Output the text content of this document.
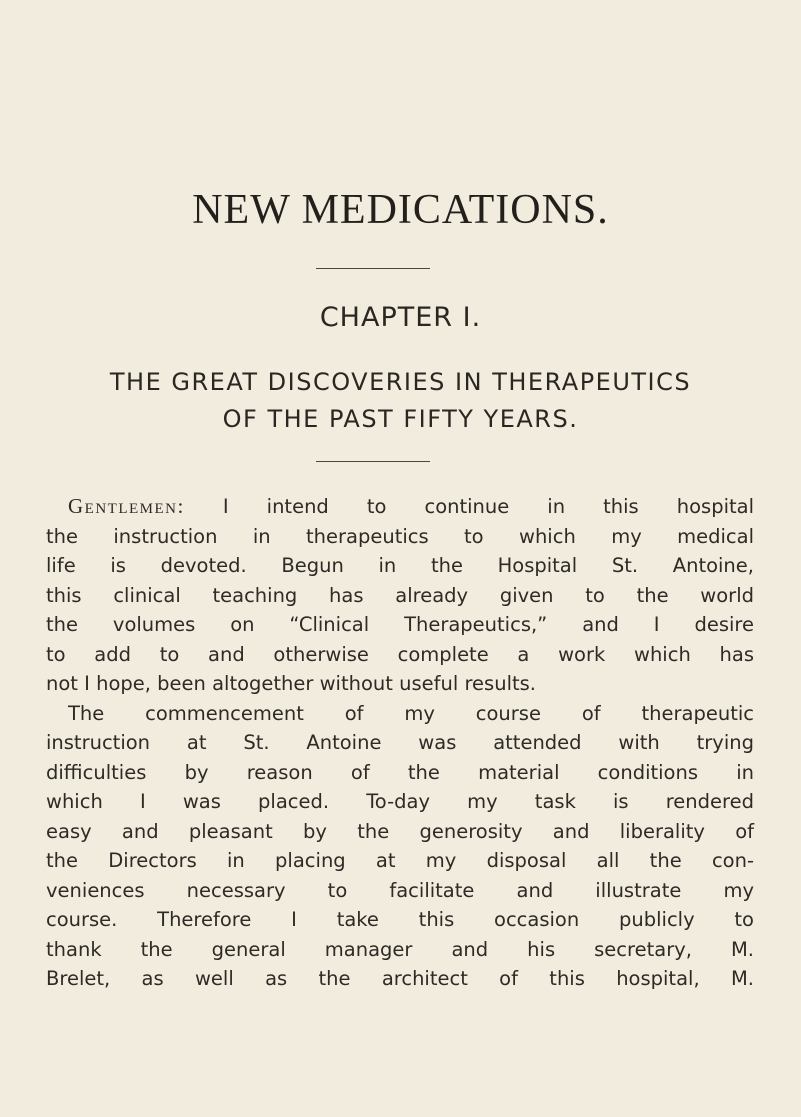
NEW MEDICATIONS.
CHAPTER I.
THE GREAT DISCOVERIES IN THERAPEUTICS
OF THE PAST FIFTY YEARS.
Gentlemen: I intend to continue in this hospital
the instruction in therapeutics to which my medical
life is devoted. Begun in the Hospital St. Antoine,
this clinical teaching has already given to the world
the volumes on “Clinical Therapeutics,” and I desire
to add to and otherwise complete a work which has
not I hope, been altogether without useful results.
The commencement of my course of therapeutic
instruction at St. Antoine was attended with trying
difficulties by reason of the material conditions in
which I was placed. To-day my task is rendered
easy and pleasant by the generosity and liberality of
the Directors in placing at my disposal all the con-
veniences necessary to facilitate and illustrate my
course. Therefore I take this occasion publicly to
thank the general manager and his secretary, M.
Brelet, as well as the architect of this hospital, M.
